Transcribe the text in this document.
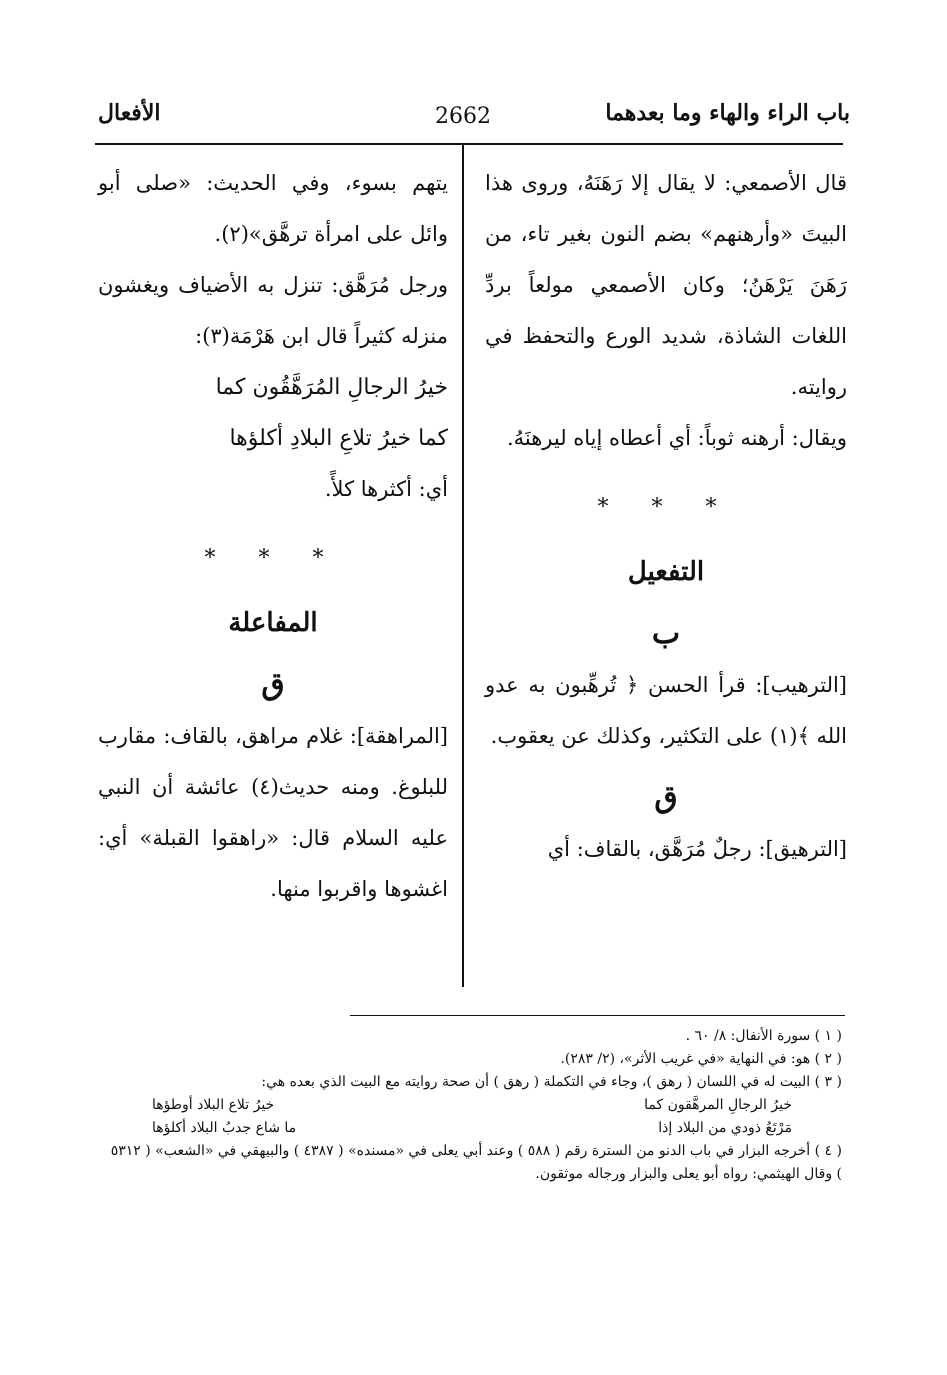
باب الراء والهاء وما بعدهما
2662
الأفعال

قال الأصمعي: لا يقال إلا رَهَنَهُ، وروى هذا البيتَ «وأرهنهم» بضم النون بغير تاء، من رَهَنَ يَرْهَنُ؛ وكان الأصمعي مولعاً بردِّ اللغات الشاذة، شديد الورع والتحفظ في روايته.

ويقال: أرهنه ثوباً: أي أعطاه إياه ليرهنَهُ.

* * *
التفعيل
ب

[الترهيب]: قرأ الحسن ﴿ تُرهِّبون به عدو الله ﴾(١) على التكثير، وكذلك عن يعقوب.

ق

[الترهيق]: رجلٌ مُرَهَّق، بالقاف: أي

يتهم بسوء، وفي الحديث: «صلى أبو وائل على امرأة ترهَّق»(٢).

ورجل مُرَهَّق: تنزل به الأضياف ويغشون منزله كثيراً قال ابن هَرْمَة(٣):

خيرُ الرجالِ المُرَهَّقُون كما

كما خيرُ تلاعِ البلادِ أكلؤها

أي: أكثرها كلأً.

* * *
المفاعلة
ق

[المراهقة]: غلام مراهق، بالقاف: مقارب للبلوغ. ومنه حديث(٤) عائشة أن النبي عليه السلام قال: «راهقوا القبلة» أي: اغشوها واقربوا منها.

( ١ ) سورة الأنفال: ٨/ ٦٠ .

( ٢ ) هو: في النهاية «في غريب الأثر»، (٢/ ٢٨٣).

( ٣ ) البيت له في اللسان ( رهق )، وجاء في التكملة ( رهق ) أن صحة روايته مع البيت الذي بعده هي:

خيرُ الرجالِ المرهَّقون كما
خيرُ تلاع البلاد أوطؤها
مَرْتَعُ ذودي من البلاد إذا
ما شاع جدبُ البلاد أكلؤها

( ٤ ) أخرجه البزار في باب الدنو من السترة رقم ( ٥٨٨ ) وعند أبي يعلى في «مسنده» ( ٤٣٨٧ ) والبيهقي في «الشعب» ( ٥٣١٢ ) وقال الهيثمي: رواه أبو يعلى والبزار ورجاله موثقون.
